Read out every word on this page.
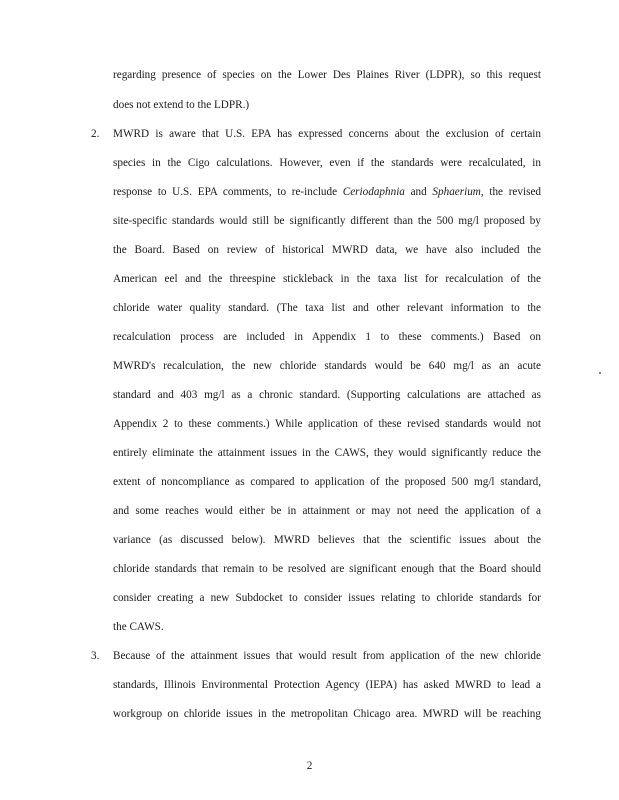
regarding presence of species on the Lower Des Plaines River (LDPR), so this request
does not extend to the LDPR.)
2. MWRD is aware that U.S. EPA has expressed concerns about the exclusion of certain
species in the Cigo calculations. However, even if the standards were recalculated, in
response to U.S. EPA comments, to re-include Ceriodaphnia and Sphaerium, the revised
site-specific standards would still be significantly different than the 500 mg/l proposed by
the Board. Based on review of historical MWRD data, we have also included the
American eel and the threespine stickleback in the taxa list for recalculation of the
chloride water quality standard. (The taxa list and other relevant information to the
recalculation process are included in Appendix 1 to these comments.) Based on
MWRD's recalculation, the new chloride standards would be 640 mg/l as an acute
standard and 403 mg/l as a chronic standard. (Supporting calculations are attached as
Appendix 2 to these comments.) While application of these revised standards would not
entirely eliminate the attainment issues in the CAWS, they would significantly reduce the
extent of noncompliance as compared to application of the proposed 500 mg/l standard,
and some reaches would either be in attainment or may not need the application of a
variance (as discussed below). MWRD believes that the scientific issues about the
chloride standards that remain to be resolved are significant enough that the Board should
consider creating a new Subdocket to consider issues relating to chloride standards for
the CAWS.
3. Because of the attainment issues that would result from application of the new chloride
standards, Illinois Environmental Protection Agency (IEPA) has asked MWRD to lead a
workgroup on chloride issues in the metropolitan Chicago area. MWRD will be reaching
2
